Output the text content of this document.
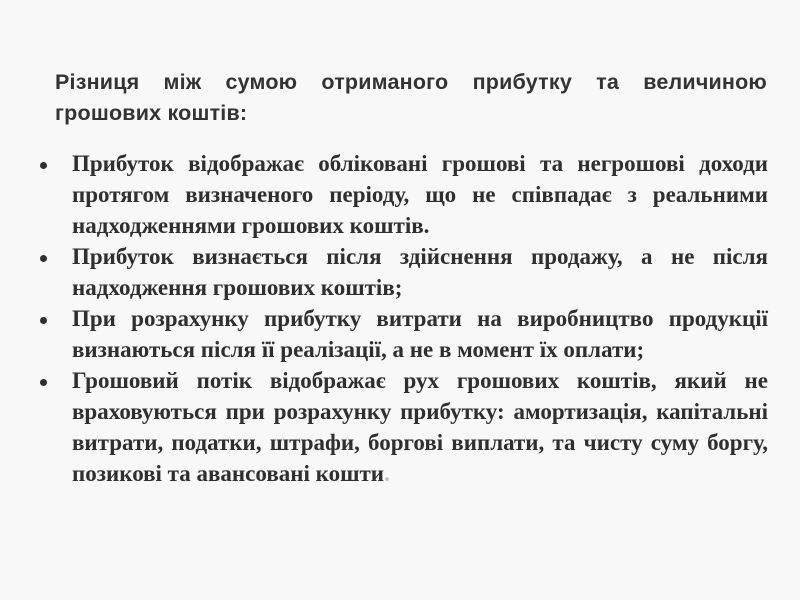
Різниця між сумою отриманого прибутку та величиною грошових коштів:

Прибуток відображає обліковані грошові та негрошові доходи протягом визначеного періоду, що не співпадає з реальними надходженнями грошових коштів.
Прибуток визнається після здійснення продажу, а не після надходження грошових коштів;
При розрахунку прибутку витрати на виробництво продукції визнаються після її реалізації, а не в момент їх оплати;
Грошовий потік відображає рух грошових коштів, який не враховуються при розрахунку прибутку: амортизація, капітальні витрати, податки, штрафи, боргові виплати, та чисту суму боргу, позикові та авансовані кошти.
